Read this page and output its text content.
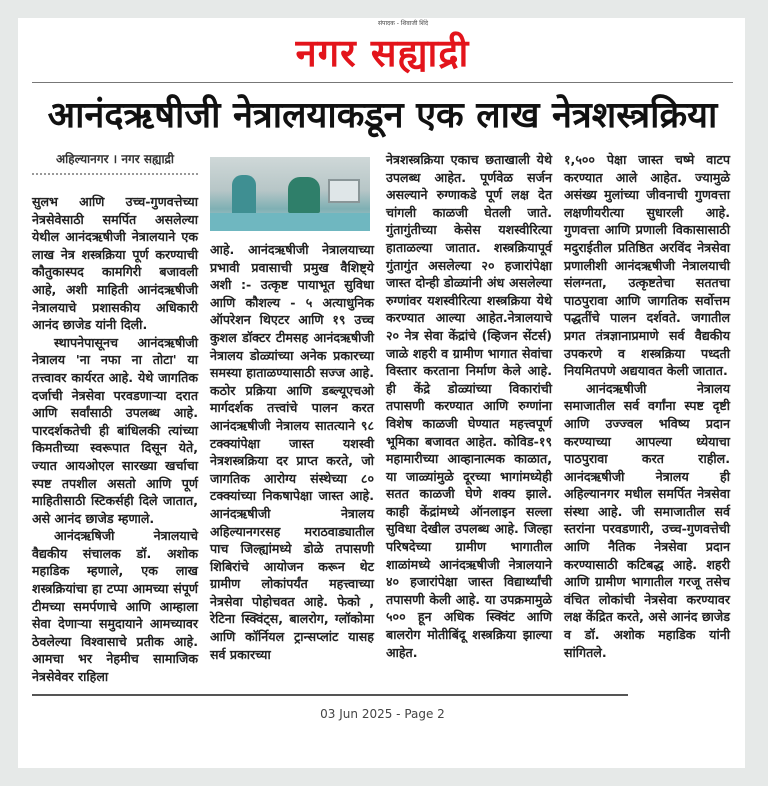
संपादक - शिवाजी शिंदे
नगर सह्याद्री
आनंदऋषीजी नेत्रालयाकडून एक लाख नेत्रशस्त्रक्रिया
अहिल्यानगर । नगर सह्याद्री

सुलभ आणि उच्च-गुणवत्तेच्या नेत्रसेवेसाठी समर्पित असलेल्या येथील आनंदऋषीजी नेत्रालयाने एक लाख नेत्र शस्त्रक्रिया पूर्ण करण्याची कौतुकास्पद कामगिरी बजावली आहे, अशी माहिती आनंदऋषीजी नेत्रालयाचे प्रशासकीय अधिकारी आनंद छाजेड यांनी दिली.

स्थापनेपासूनच आनंदऋषीजी नेत्रालय 'ना नफा ना तोटा' या तत्त्वावर कार्यरत आहे. येथे जागतिक दर्जाची नेत्रसेवा परवडणाऱ्या दरात आणि सर्वांसाठी उपलब्ध आहे. पारदर्शकतेची ही बांधिलकी त्यांच्या किमतीच्या स्वरूपात दिसून येते, ज्यात आयओएल सारख्या खर्चाचा स्पष्ट तपशील असतो आणि पूर्ण माहितीसाठी स्टिकर्सही दिले जातात, असे आनंद छाजेड म्हणाले.

आनंदऋषिजी नेत्रालयाचे वैद्यकीय संचालक डॉ. अशोक महाडिक म्हणाले, एक लाख शस्त्रक्रियांचा हा टप्पा आमच्या संपूर्ण टीमच्या समर्पणाचे आणि आम्हाला सेवा देणाऱ्या समुदायाने आमच्यावर ठेवलेल्या विश्वासाचे प्रतीक आहे. आमचा भर नेहमीच सामाजिक नेत्रसेवेवर राहिला

आहे. आनंदऋषीजी नेत्रालयाच्या प्रभावी प्रवासाची प्रमुख वैशिष्ट्ये अशी :- उत्कृष्ट पायाभूत सुविधा आणि कौशल्य - ५ अत्याधुनिक ऑपरेशन थिएटर आणि १९ उच्च कुशल डॉक्टर टीमसह आनंदऋषीजी नेत्रालय डोळ्यांच्या अनेक प्रकारच्या समस्या हाताळण्यासाठी सज्ज आहे. कठोर प्रक्रिया आणि डब्ल्यूएचओ मार्गदर्शक तत्त्वांचे पालन करत आनंदऋषीजी नेत्रालय सातत्याने ९८ टक्क्यांपेक्षा जास्त यशस्वी नेत्रशस्त्रक्रिया दर प्राप्त करते, जो जागतिक आरोग्य संस्थेच्या ८० टक्क्यांच्या निकषापेक्षा जास्त आहे. आनंदऋषीजी नेत्रालय अहिल्यानगरसह मराठवाड्यातील पाच जिल्ह्यांमध्ये डोळे तपासणी शिबिरांचे आयोजन करून थेट ग्रामीण लोकांपर्यंत महत्त्वाच्या नेत्रसेवा पोहोचवत आहे. फेको , रेटिना स्क्विंट्स, बालरोग, ग्लॉकोमा आणि कॉर्नियल ट्रान्सप्लांट यासह सर्व प्रकारच्या

नेत्रशस्त्रक्रिया एकाच छताखाली येथे उपलब्ध आहेत. पूर्णवेळ सर्जन असल्याने रुग्णाकडे पूर्ण लक्ष देत चांगली काळजी घेतली जाते. गुंतागुंतीच्या केसेस यशस्वीरित्या हाताळल्या जातात. शस्त्रक्रियापूर्व गुंतागुंत असलेल्या २० हजारांपेक्षा जास्त दोन्ही डोळ्यांनी अंध असलेल्या रुग्णांवर यशस्वीरित्या शस्त्रक्रिया येथे करण्यात आल्या आहेत.नेत्रालयाचे २० नेत्र सेवा केंद्रांचे (व्हिजन सेंटर्स) जाळे शहरी व ग्रामीण भागात सेवांचा विस्तार करताना निर्माण केले आहे. ही केंद्रे डोळ्यांच्या विकारांची तपासणी करण्यात आणि रुग्णांना विशेष काळजी घेण्यात महत्त्वपूर्ण भूमिका बजावत आहेत. कोविड-१९ महामारीच्या आव्हानात्मक काळात, या जाळ्यांमुळे दूरच्या भागांमध्येही सतत काळजी घेणे शक्य झाले. काही केंद्रांमध्ये ऑनलाइन सल्ला सुविधा देखील उपलब्ध आहे. जिल्हा परिषदेच्या ग्रामीण भागातील शाळांमध्ये आनंदऋषीजी नेत्रालयाने ४० हजारांपेक्षा जास्त विद्यार्थ्यांची तपासणी केली आहे. या उपक्रमामुळे ५०० हून अधिक स्क्विंट आणि बालरोग मोतीबिंदू शस्त्रक्रिया झाल्या आहेत.

१,५०० पेक्षा जास्त चष्मे वाटप करण्यात आले आहेत. ज्यामुळे असंख्य मुलांच्या जीवनाची गुणवत्ता लक्षणीयरीत्या सुधारली आहे. गुणवत्ता आणि प्रणाली विकासासाठी मदुराईतील प्रतिष्ठित अरविंद नेत्रसेवा प्रणालीशी आनंदऋषीजी नेत्रालयाची संलग्नता, उत्कृष्टतेचा सततचा पाठपुरावा आणि जागतिक सर्वोत्तम पद्धतींचे पालन दर्शवते. जगातील प्रगत तंत्रज्ञानाप्रमाणे सर्व वैद्यकीय उपकरणे व शस्त्रक्रिया पध्दती नियमितपणे अद्ययावत केली जातात.

आनंदऋषीजी नेत्रालय समाजातील सर्व वर्गांना स्पष्ट दृष्टी आणि उज्ज्वल भविष्य प्रदान करण्याच्या आपल्या ध्येयाचा पाठपुरावा करत राहील. आनंदऋषीजी नेत्रालय ही अहिल्यानगर मधील समर्पित नेत्रसेवा संस्था आहे. जी समाजातील सर्व स्तरांना परवडणारी, उच्च-गुणवत्तेची आणि नैतिक नेत्रसेवा प्रदान करण्यासाठी कटिबद्ध आहे. शहरी आणि ग्रामीण भागातील गरजू तसेच वंचित लोकांची नेत्रसेवा करण्यावर लक्ष केंद्रित करते, असे आनंद छाजेड व डॉ. अशोक महाडिक यांनी सांगितले.

03 Jun 2025 - Page 2
